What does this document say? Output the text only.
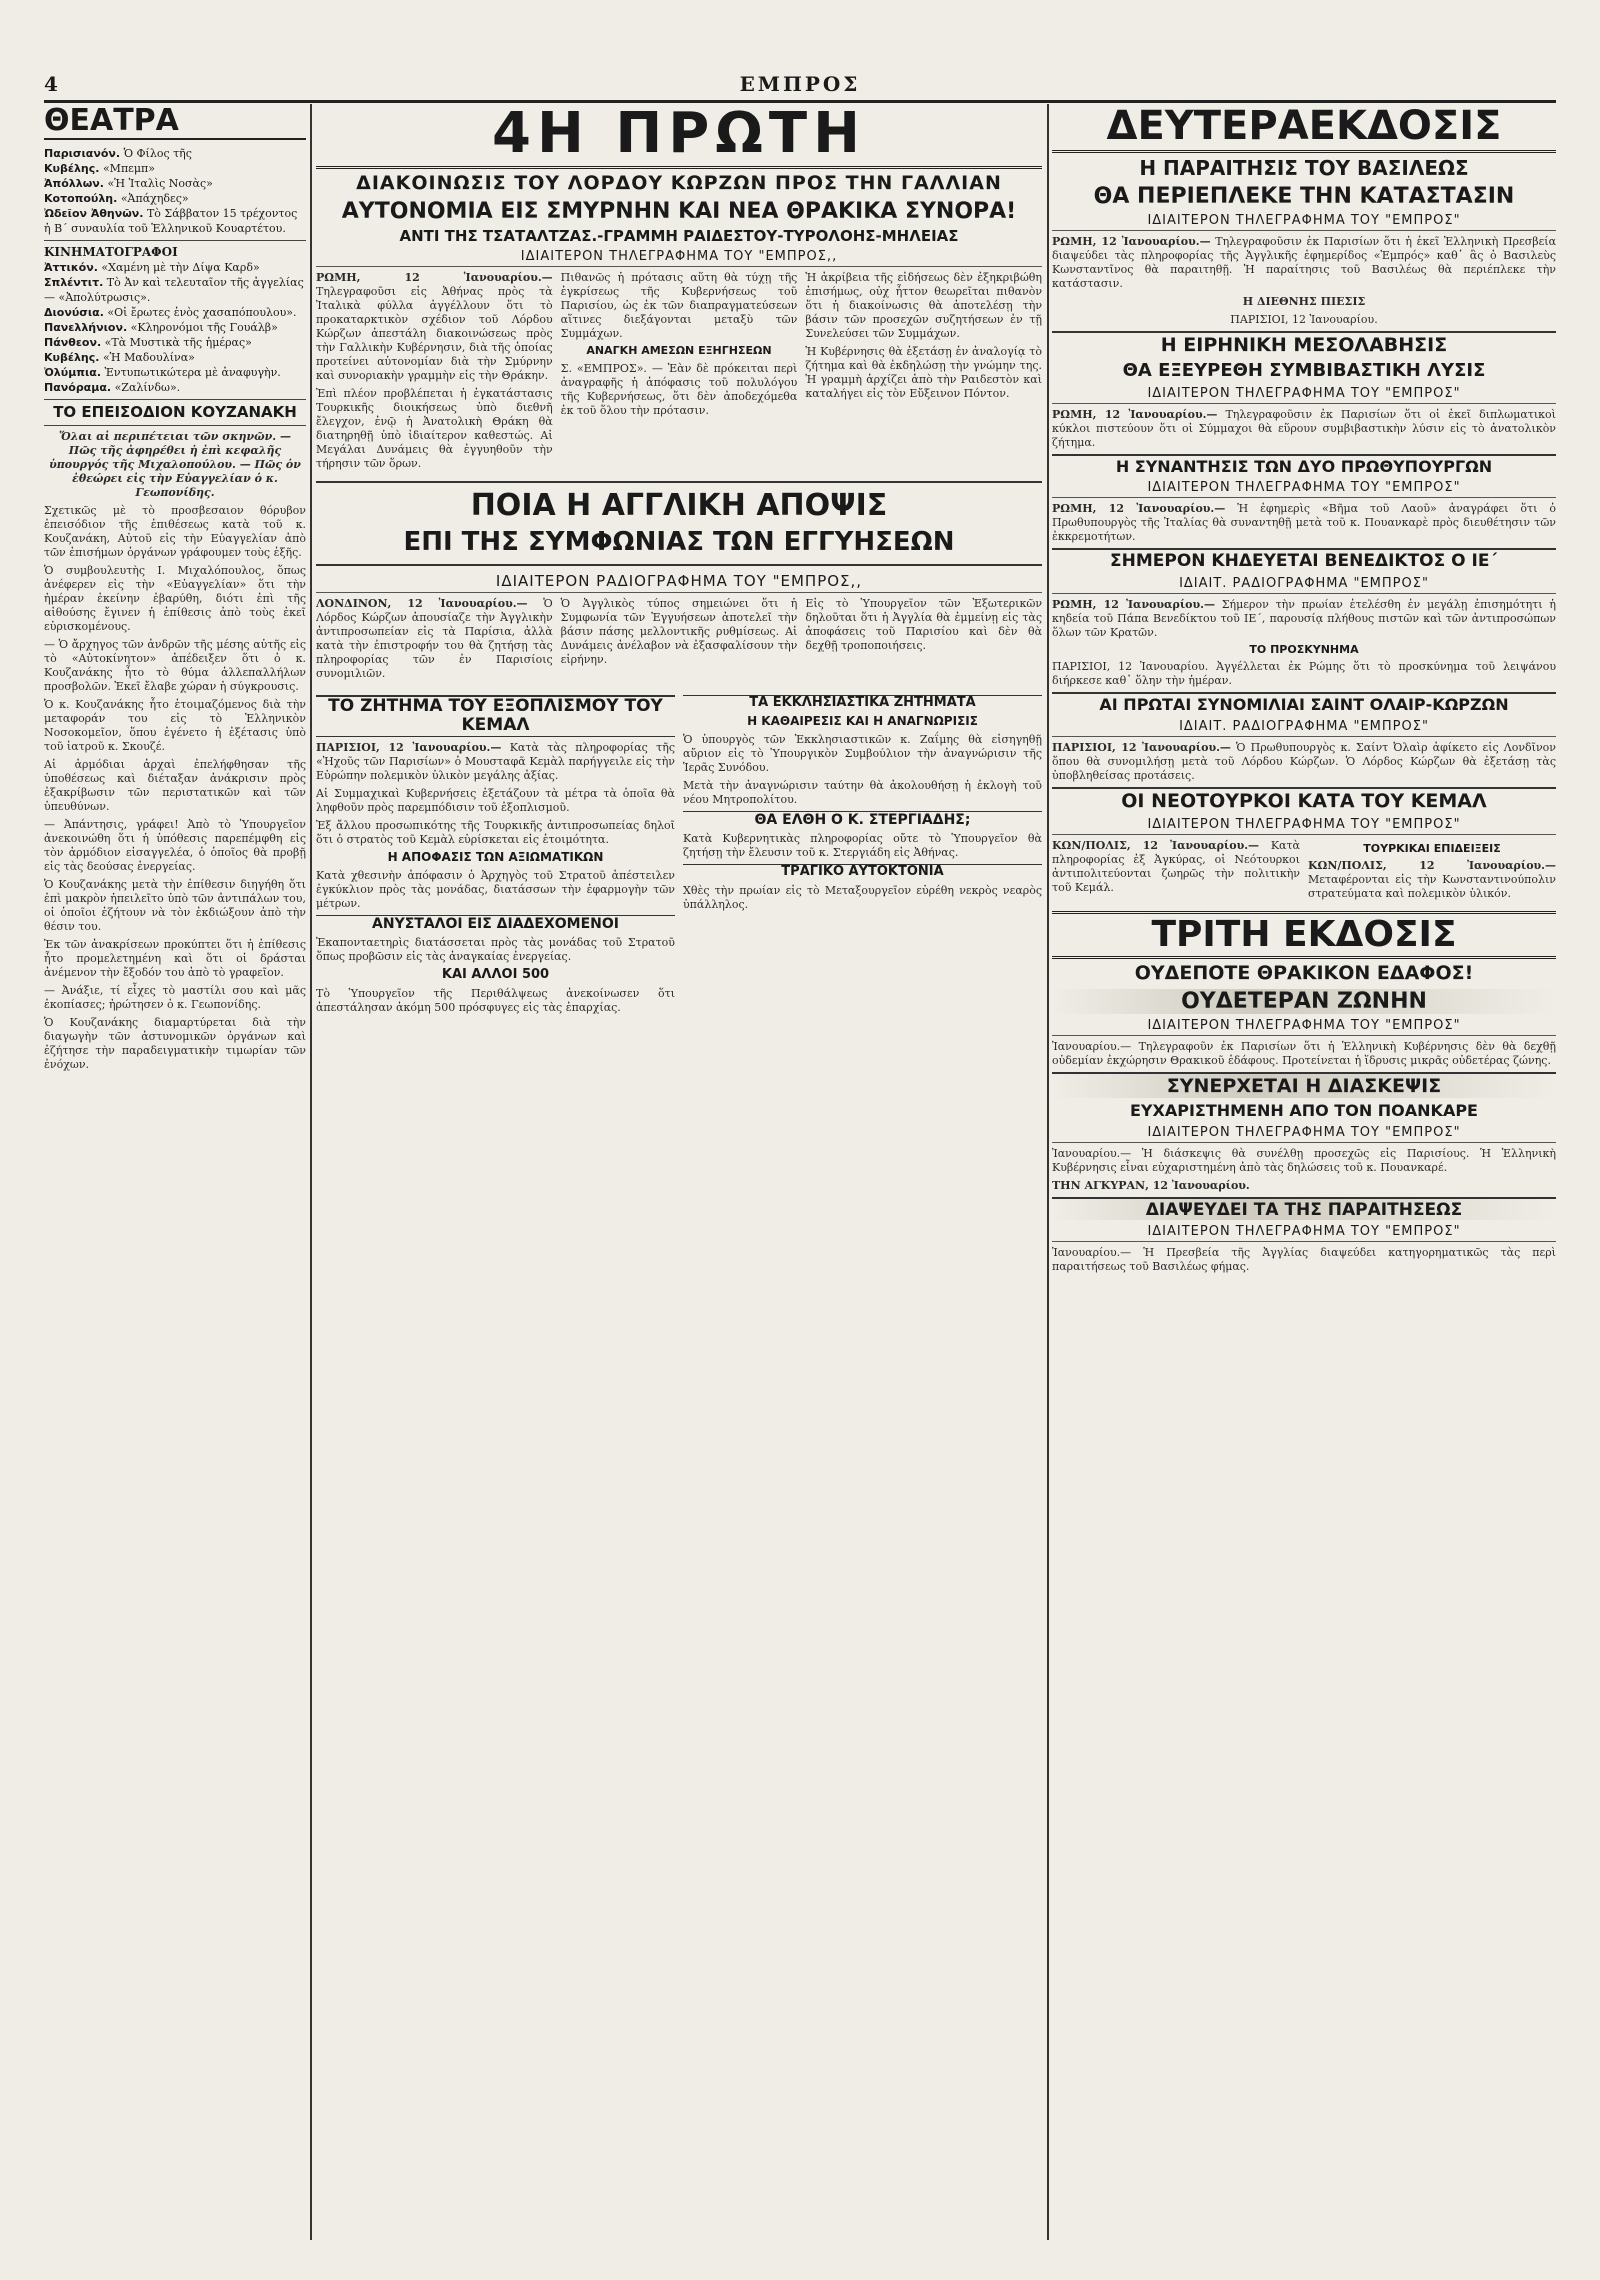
4	ΕΜΠΡΟΣ
ΘΕΑΤΡΑ

Παρισιανόν. Ὁ Φίλος τῆς

Κυβέλης. «Μπεμπ»

Ἀπόλλων. «Ἡ Ἰταλὶς Νοσὰς»

Κοτοπούλη. «Ἀπάχηδες»

Ὠδεῖον Ἀθηνῶν. Τὸ Σάββατον 15 τρέχοντος ἡ Β´ συναυλία τοῦ Ἑλληνικοῦ Κουαρτέτου.

ΚΙΝΗΜΑΤΟΓΡΑΦΟΙ

Ἀττικόν. «Χαμένη μὲ τὴν Δίψα Καρδ»

Σπλέντιτ. Τὸ Ἀν καὶ τελευταῖον τῆς ἀγγελίας — «Ἀπολύτρωσις».

Διονύσια. «Οἱ ἔρωτες ἑνὸς χασαπόπουλου».

Πανελλήνιον. «Κληρονόμοι τῆς Γουάλβ»

Πάνθεον. «Τὰ Μυστικὰ τῆς ἡμέρας»

Κυβέλης. «Ἡ Μαδουλίνα»

Ὀλύμπια. Ἐντυπωτικώτερα μὲ ἀναφυγὴν.

Πανόραμα. «Ζαλίνδω».

ΤΟ ΕΠΕΙΣΟΔΙΟΝ ΚΟΥΖΑΝΑΚΗ

Ὅλαι αἱ περιπέτειαι τῶν σκηνῶν. — Πῶς τῆς ἀφηρέθει ἡ ἐπὶ κεφαλῆς ὑπουργός τῆς Μιχαλοπούλου. — Πῶς ὁν ἐθεώρει εἰς τὴν Εὐαγγελίαν ὁ κ. Γεωπονίδης.

Σχετικῶς μὲ τὸ προσβεσαιον θόρυβον ἐπεισόδιον τῆς ἐπιθέσεως κατὰ τοῦ κ. Κουζανάκη, Αὐτοῦ εἰς τὴν Εὐαγγελίαν ἀπὸ τῶν ἐπισήμων ὀργάνων γράφουμεν τοὺς ἑξῆς.

Ὁ συμβουλευτὴς Ι. Μιχαλόπουλος, ὅπως ἀνέφερεν εἰς τὴν «Εὐαγγελίαν» ὅτι τὴν ἡμέραν ἐκείνην ἐβαρύθη, διότι ἐπὶ τῆς αἰθούσης ἔγινεν ἡ ἐπίθεσις ἀπὸ τοὺς ἐκεῖ εὑρισκομένους.

— Ὁ ἄρχηγος τῶν ἀνδρῶν τῆς μέσης αὐτῆς εἰς τὸ «Αὐτοκίνητον» ἀπέδειξεν ὅτι ὁ κ. Κουζανάκης ἦτο τὸ θύμα ἀλλεπαλλήλων προσβολῶν. Ἐκεῖ ἔλαβε χώραν ἡ σύγκρουσις.

Ὁ κ. Κουζανάκης ἦτο ἑτοιμαζόμενος διὰ τὴν μεταφοράν του εἰς τὸ Ἑλληνικὸν Νοσοκομεῖον, ὅπου ἐγένετο ἡ ἐξέτασις ὑπὸ τοῦ ἰατροῦ κ. Σκουζέ.

Αἱ ἀρμόδιαι ἀρχαὶ ἐπελήφθησαν τῆς ὑποθέσεως καὶ διέταξαν ἀνάκρισιν πρὸς ἐξακρίβωσιν τῶν περιστατικῶν καὶ τῶν ὑπευθύνων.

— Ἀπάντησις, γράφει! Ἀπὸ τὸ Ὑπουργεῖον ἀνεκοινώθη ὅτι ἡ ὑπόθεσις παρεπέμφθη εἰς τὸν ἀρμόδιον εἰσαγγελέα, ὁ ὁποῖος θὰ προβῇ εἰς τὰς δεούσας ἐνεργείας.

Ὁ Κουζανάκης μετὰ τὴν ἐπίθεσιν διηγήθη ὅτι ἐπὶ μακρὸν ἠπειλεῖτο ὑπὸ τῶν ἀντιπάλων του, οἱ ὁποῖοι ἐζήτουν νὰ τὸν ἐκδιώξουν ἀπὸ τὴν θέσιν του.

Ἐκ τῶν ἀνακρίσεων προκύπτει ὅτι ἡ ἐπίθεσις ἦτο προμελετημένη καὶ ὅτι οἱ δράσται ἀνέμενον τὴν ἔξοδόν του ἀπὸ τὸ γραφεῖον.

— Ἀνάξιε, τί εἶχες τὸ μαστίλι σου καὶ μᾶς ἐκοπίασες; ἠρώτησεν ὁ κ. Γεωπονίδης.

Ὁ Κουζανάκης διαμαρτύρεται διὰ τὴν διαγωγὴν τῶν ἀστυνομικῶν ὀργάνων καὶ ἐζήτησε τὴν παραδειγματικὴν τιμωρίαν τῶν ἐνόχων.

4Η ΠΡΩΤΗ
ΔΙΑΚΟΙΝΩΣΙΣ ΤΟΥ ΛΟΡΔΟΥ ΚΩΡΖΩΝ ΠΡΟΣ ΤΗΝ ΓΑΛΛΙΑΝ
ΑΥΤΟΝΟΜΙΑ ΕΙΣ ΣΜΥΡΝΗΝ ΚΑΙ ΝΕΑ ΘΡΑΚΙΚΑ ΣΥΝΟΡΑ!
ΑΝΤΙ ΤΗΣ ΤΣΑΤΑΛΤΖΑΣ.-ΓΡΑΜΜΗ ΡΑΙΔΕΣΤΟΥ-ΤΥΡΟΛΟΗΣ-ΜΗΛΕΙΑΣ
ΙΔΙΑΙΤΕΡΟΝ ΤΗΛΕΓΡΑΦΗΜΑ ΤΟΥ "ΕΜΠΡΟΣ,,

ΡΩΜΗ, 12 Ἰανουαρίου.— Τηλεγραφοῦσι εἰς Ἀθήνας πρὸς τὰ Ἰταλικὰ φύλλα ἀγγέλλουν ὅτι τὸ προκαταρκτικὸν σχέδιον τοῦ Λόρδου Κώρζων ἀπεστάλη διακοινώσεως πρὸς τὴν Γαλλικὴν Κυβέρνησιν, διὰ τῆς ὁποίας προτείνει αὐτονομίαν διὰ τὴν Σμύρνην καὶ συνοριακὴν γραμμὴν εἰς τὴν Θράκην.

Ἐπὶ πλέον προβλέπεται ἡ ἐγκατάστασις Τουρκικῆς διοικήσεως ὑπὸ διεθνῆ ἔλεγχον, ἐνῷ ἡ Ἀνατολικὴ Θράκη θὰ διατηρηθῇ ὑπὸ ἰδιαίτερον καθεστώς. Αἱ Μεγάλαι Δυνάμεις θὰ ἐγγυηθοῦν τὴν τήρησιν τῶν ὅρων.

Πιθανῶς ἡ πρότασις αὕτη θὰ τύχῃ τῆς ἐγκρίσεως τῆς Κυβερνήσεως τοῦ Παρισίου, ὡς ἐκ τῶν διαπραγματεύσεων αἵτινες διεξάγονται μεταξὺ τῶν Συμμάχων.

ΑΝΑΓΚΗ ΑΜΕΣΩΝ ΕΞΗΓΗΣΕΩΝ

Σ. «ΕΜΠΡΟΣ». — Ἐὰν δὲ πρόκειται περὶ ἀναγραφῆς ἡ ἀπόφασις τοῦ πολυλόγου τῆς Κυβερνήσεως, ὅτι δὲν ἀποδεχόμεθα ἐκ τοῦ ὅλου τὴν πρότασιν.

Ἡ ἀκρίβεια τῆς εἰδήσεως δὲν ἐξηκριβώθη ἐπισήμως, οὐχ ἧττον θεωρεῖται πιθανὸν ὅτι ἡ διακοίνωσις θὰ ἀποτελέσῃ τὴν βάσιν τῶν προσεχῶν συζητήσεων ἐν τῇ Συνελεύσει τῶν Συμμάχων.

Ἡ Κυβέρνησις θὰ ἐξετάσῃ ἐν ἀναλογίᾳ τὸ ζήτημα καὶ θὰ ἐκδηλώσῃ τὴν γνώμην της. Ἡ γραμμὴ ἀρχίζει ἀπὸ τὴν Ραιδεστὸν καὶ καταλήγει εἰς τὸν Εὔξεινον Πόντον.

ΠΟΙΑ Η ΑΓΓΛΙΚΗ ΑΠΟΨΙΣ
ΕΠΙ ΤΗΣ ΣΥΜΦΩΝΙΑΣ ΤΩΝ ΕΓΓΥΗΣΕΩΝ
ΙΔΙΑΙΤΕΡΟΝ ΡΑΔΙΟΓΡΑΦΗΜΑ ΤΟΥ "ΕΜΠΡΟΣ,,

ΛΟΝΔΙΝΟΝ, 12 Ἰανουαρίου.— Ὁ Λόρδος Κώρζων ἀπουσίαζε τὴν Ἀγγλικὴν ἀντιπροσωπείαν εἰς τὰ Παρίσια, ἀλλὰ κατὰ τὴν ἐπιστροφήν του θὰ ζητήσῃ τὰς πληροφορίας τῶν ἐν Παρισίοις συνομιλιῶν.

Ὁ Ἀγγλικὸς τύπος σημειώνει ὅτι ἡ Συμφωνία τῶν Ἐγγυήσεων ἀποτελεῖ τὴν βάσιν πάσης μελλοντικῆς ρυθμίσεως. Αἱ Δυνάμεις ἀνέλαβον νὰ ἐξασφαλίσουν τὴν εἰρήνην.

Εἰς τὸ Ὑπουργεῖον τῶν Ἐξωτερικῶν δηλοῦται ὅτι ἡ Ἀγγλία θὰ ἐμμείνῃ εἰς τὰς ἀποφάσεις τοῦ Παρισίου καὶ δὲν θὰ δεχθῇ τροποποιήσεις.

ΤΟ ΖΗΤΗΜΑ ΤΟΥ ΕΞΟΠΛΙΣΜΟΥ ΤΟΥ ΚΕΜΑΛ

ΠΑΡΙΣΙΟΙ, 12 Ἰανουαρίου.— Κατὰ τὰς πληροφορίας τῆς «Ἠχοῦς τῶν Παρισίων» ὁ Μουσταφᾶ Κεμὰλ παρήγγειλε εἰς τὴν Εὐρώπην πολεμικὸν ὑλικὸν μεγάλης ἀξίας.

Αἱ Συμμαχικαὶ Κυβερνήσεις ἐξετάζουν τὰ μέτρα τὰ ὁποῖα θὰ ληφθοῦν πρὸς παρεμπόδισιν τοῦ ἐξοπλισμοῦ.

Ἐξ ἄλλου προσωπικότης τῆς Τουρκικῆς ἀντιπροσωπείας δηλοῖ ὅτι ὁ στρατὸς τοῦ Κεμὰλ εὑρίσκεται εἰς ἑτοιμότητα.

Η ΑΠΟΦΑΣΙΣ ΤΩΝ ΑΞΙΩΜΑΤΙΚΩΝ

Κατὰ χθεσινὴν ἀπόφασιν ὁ Ἀρχηγὸς τοῦ Στρατοῦ ἀπέστειλεν ἐγκύκλιον πρὸς τὰς μονάδας, διατάσσων τὴν ἐφαρμογὴν τῶν μέτρων.

ΑΝΥΣΤΑΛΟΙ ΕΙΣ ΔΙΑΔΕΧΟΜΕΝΟΙ

Ἐκαπονταετηρὶς διατάσσεται πρὸς τὰς μονάδας τοῦ Στρατοῦ ὅπως προβῶσιν εἰς τὰς ἀναγκαίας ἐνεργείας.

ΚΑΙ ΑΛΛΟΙ 500

Τὸ Ὑπουργεῖον τῆς Περιθάλψεως ἀνεκοίνωσεν ὅτι ἀπεστάλησαν ἀκόμη 500 πρόσφυγες εἰς τὰς ἐπαρχίας.

ΤΑ ΕΚΚΛΗΣΙΑΣΤΙΚΑ ΖΗΤΗΜΑΤΑ
Η ΚΑΘΑΙΡΕΣΙΣ ΚΑΙ Η ΑΝΑΓΝΩΡΙΣΙΣ

Ὁ ὑπουργὸς τῶν Ἐκκλησιαστικῶν κ. Ζαΐμης θὰ εἰσηγηθῇ αὔριον εἰς τὸ Ὑπουργικὸν Συμβούλιον τὴν ἀναγνώρισιν τῆς Ἱερᾶς Συνόδου.

Μετὰ τὴν ἀναγνώρισιν ταύτην θὰ ἀκολουθήσῃ ἡ ἐκλογὴ τοῦ νέου Μητροπολίτου.

ΘΑ ΕΛΘΗ Ο Κ. ΣΤΕΡΓΙΑΔΗΣ;

Κατὰ Κυβερνητικὰς πληροφορίας οὔτε τὸ Ὑπουργεῖον θὰ ζητήσῃ τὴν ἔλευσιν τοῦ κ. Στεργιάδη εἰς Ἀθήνας.

ΤΡΑΓΙΚΟ ΑΥΤΟΚΤΟΝΙΑ

Χθὲς τὴν πρωίαν εἰς τὸ Μεταξουργεῖον εὑρέθη νεκρὸς νεαρὸς ὑπάλληλος.

ΔΕΥΤΕΡΑΕΚΔΟΣΙΣ
Η ΠΑΡΑΙΤΗΣΙΣ ΤΟΥ ΒΑΣΙΛΕΩΣ
ΘΑ ΠΕΡΙΕΠΛΕΚΕ ΤΗΝ ΚΑΤΑΣΤΑΣΙΝ
ΙΔΙΑΙΤΕΡΟΝ ΤΗΛΕΓΡΑΦΗΜΑ ΤΟΥ "ΕΜΠΡΟΣ"

ΡΩΜΗ, 12 Ἰανουαρίου.— Τηλεγραφοῦσιν ἐκ Παρισίων ὅτι ἡ ἐκεῖ Ἑλληνικὴ Πρεσβεία διαψεύδει τὰς πληροφορίας τῆς Ἀγγλικῆς ἐφημερίδος «Ἐμπρός» καθ᾽ ἃς ὁ Βασιλεὺς Κωνσταντῖνος θὰ παραιτηθῇ. Ἡ παραίτησις τοῦ Βασιλέως θὰ περιέπλεκε τὴν κατάστασιν.

Η ΔΙΕΘΝΗΣ ΠΙΕΣΙΣ

ΠΑΡΙΣΙΟΙ, 12 Ἰανουαρίου.

Η ΕΙΡΗΝΙΚΗ ΜΕΣΟΛΑΒΗΣΙΣ
ΘΑ ΕΞΕΥΡΕΘΗ ΣΥΜΒΙΒΑΣΤΙΚΗ ΛΥΣΙΣ
ΙΔΙΑΙΤΕΡΟΝ ΤΗΛΕΓΡΑΦΗΜΑ ΤΟΥ "ΕΜΠΡΟΣ"

ΡΩΜΗ, 12 Ἰανουαρίου.— Τηλεγραφοῦσιν ἐκ Παρισίων ὅτι οἱ ἐκεῖ διπλωματικοὶ κύκλοι πιστεύουν ὅτι οἱ Σύμμαχοι θὰ εὕρουν συμβιβαστικὴν λύσιν εἰς τὸ ἀνατολικὸν ζήτημα.

Η ΣΥΝΑΝΤΗΣΙΣ ΤΩΝ ΔΥΟ ΠΡΩΘΥΠΟΥΡΓΩΝ
ΙΔΙΑΙΤΕΡΟΝ ΤΗΛΕΓΡΑΦΗΜΑ ΤΟΥ "ΕΜΠΡΟΣ"

ΡΩΜΗ, 12 Ἰανουαρίου.— Ἡ ἐφημερὶς «Βῆμα τοῦ Λαοῦ» ἀναγράφει ὅτι ὁ Πρωθυπουργὸς τῆς Ἰταλίας θὰ συναντηθῇ μετὰ τοῦ κ. Πουανκαρὲ πρὸς διευθέτησιν τῶν ἐκκρεμοτήτων.

ΣΗΜΕΡΟΝ ΚΗΔΕΥΕΤΑΙ ΒΕΝΕΔΙΚΤΟΣ Ο ΙΕ´
ΙΔΙΑΙΤ. ΡΑΔΙΟΓΡΑΦΗΜΑ "ΕΜΠΡΟΣ"

ΡΩΜΗ, 12 Ἰανουαρίου.— Σήμερον τὴν πρωίαν ἐτελέσθη ἐν μεγάλῃ ἐπισημότητι ἡ κηδεία τοῦ Πάπα Βενεδίκτου τοῦ ΙΕ´, παρουσίᾳ πλήθους πιστῶν καὶ τῶν ἀντιπροσώπων ὅλων τῶν Κρατῶν.

ΤΟ ΠΡΟΣΚΥΝΗΜΑ

ΠΑΡΙΣΙΟΙ, 12 Ἰανουαρίου. Ἀγγέλλεται ἐκ Ρώμης ὅτι τὸ προσκύνημα τοῦ λειψάνου διήρκεσε καθ᾽ ὅλην τὴν ἡμέραν.

ΑΙ ΠΡΩΤΑΙ ΣΥΝΟΜΙΛΙΑΙ ΣΑΙΝΤ ΟΛΑΙΡ-ΚΩΡΖΩΝ
ΙΔΙΑΙΤ. ΡΑΔΙΟΓΡΑΦΗΜΑ "ΕΜΠΡΟΣ"

ΠΑΡΙΣΙΟΙ, 12 Ἰανουαρίου.— Ὁ Πρωθυπουργὸς κ. Σαίντ Ὀλαὶρ ἀφίκετο εἰς Λονδῖνον ὅπου θὰ συνομιλήσῃ μετὰ τοῦ Λόρδου Κώρζων. Ὁ Λόρδος Κώρζων θὰ ἐξετάσῃ τὰς ὑποβληθείσας προτάσεις.

ΟΙ ΝΕΟΤΟΥΡΚΟΙ ΚΑΤΑ ΤΟΥ ΚΕΜΑΛ
ΙΔΙΑΙΤΕΡΟΝ ΤΗΛΕΓΡΑΦΗΜΑ ΤΟΥ "ΕΜΠΡΟΣ"

ΚΩΝ/ΠΟΛΙΣ, 12 Ἰανουαρίου.— Κατὰ πληροφορίας ἐξ Ἀγκύρας, οἱ Νεότουρκοι ἀντιπολιτεύονται ζωηρῶς τὴν πολιτικὴν τοῦ Κεμάλ.

ΤΟΥΡΚΙΚΑΙ ΕΠΙΔΕΙΞΕΙΣ

ΚΩΝ/ΠΟΛΙΣ, 12 Ἰανουαρίου.— Μεταφέρονται εἰς τὴν Κωνσταντινούπολιν στρατεύματα καὶ πολεμικὸν ὑλικόν.

ΤΡΙΤΗ ΕΚΔΟΣΙΣ
ΟΥΔΕΠΟΤΕ ΘΡΑΚΙΚΟΝ ΕΔΑΦΟΣ!
ΟΥΔΕΤΕΡΑΝ ΖΩΝΗΝ
ΙΔΙΑΙΤΕΡΟΝ ΤΗΛΕΓΡΑΦΗΜΑ ΤΟΥ "ΕΜΠΡΟΣ"

Ἰανουαρίου.— Τηλεγραφοῦν ἐκ Παρισίων ὅτι ἡ Ἑλληνικὴ Κυβέρνησις δὲν θὰ δεχθῇ οὐδεμίαν ἐκχώρησιν Θρακικοῦ ἐδάφους. Προτείνεται ἡ ἵδρυσις μικρᾶς οὐδετέρας ζώνης.

ΣΥΝΕΡΧΕΤΑΙ Η ΔΙΑΣΚΕΨΙΣ
ΕΥΧΑΡΙΣΤΗΜΕΝΗ ΑΠΟ ΤΟΝ ΠΟΑΝΚΑΡΕ
ΙΔΙΑΙΤΕΡΟΝ ΤΗΛΕΓΡΑΦΗΜΑ ΤΟΥ "ΕΜΠΡΟΣ"

Ἰανουαρίου.— Ἡ διάσκεψις θὰ συνέλθῃ προσεχῶς εἰς Παρισίους. Ἡ Ἑλληνικὴ Κυβέρνησις εἶναι εὐχαριστημένη ἀπὸ τὰς δηλώσεις τοῦ κ. Πουανκαρέ.

ΤΗΝ ΑΓΚΥΡΑΝ, 12 Ἰανουαρίου.

ΔΙΑΨΕΥΔΕΙ ΤΑ ΤΗΣ ΠΑΡΑΙΤΗΣΕΩΣ
ΙΔΙΑΙΤΕΡΟΝ ΤΗΛΕΓΡΑΦΗΜΑ ΤΟΥ "ΕΜΠΡΟΣ"

Ἰανουαρίου.— Ἡ Πρεσβεία τῆς Ἀγγλίας διαψεύδει κατηγορηματικῶς τὰς περὶ παραιτήσεως τοῦ Βασιλέως φήμας.
